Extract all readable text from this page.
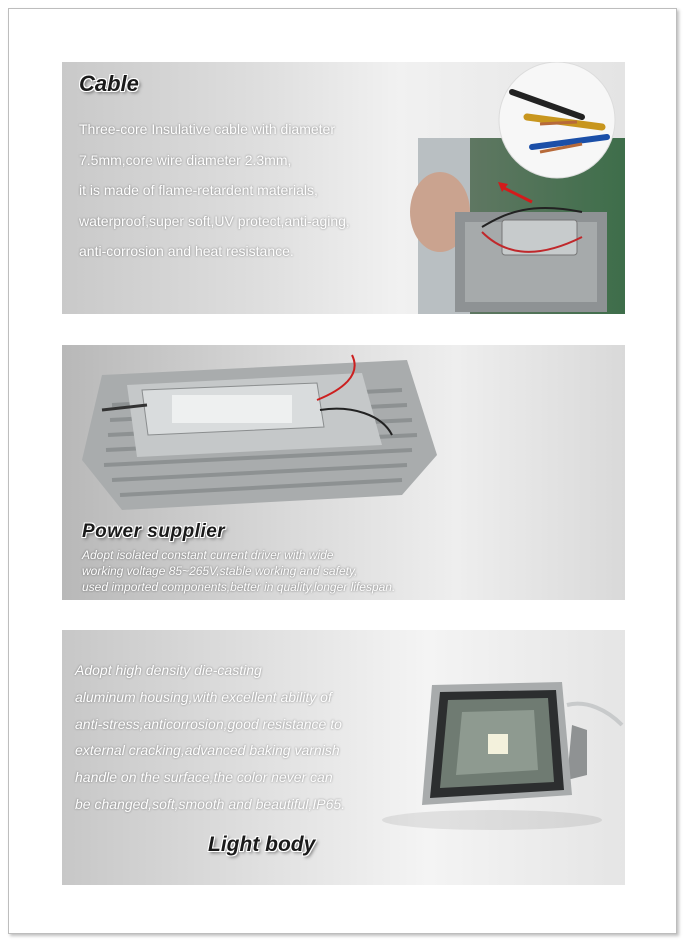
Cable
Three-core Insulative cable with diameter
7.5mm,core wire diameter 2.3mm,
it is made of flame-retardent materials,
waterproof,super soft,UV protect,anti-aging,
anti-corrosion and heat resistance.
Power supplier
Adopt isolated constant current driver with wide
working voltage 85~265V,stable working and safety,
used imported components,better in quality,longer lifespan.
Adopt high density die-casting
aluminum housing,with excellent ability of
anti-stress,anticorrosion,good resistance to
external cracking,advanced baking varnish
handle on the surface,the color never can
be changed,soft,smooth and beautiful,IP65.
Light body
